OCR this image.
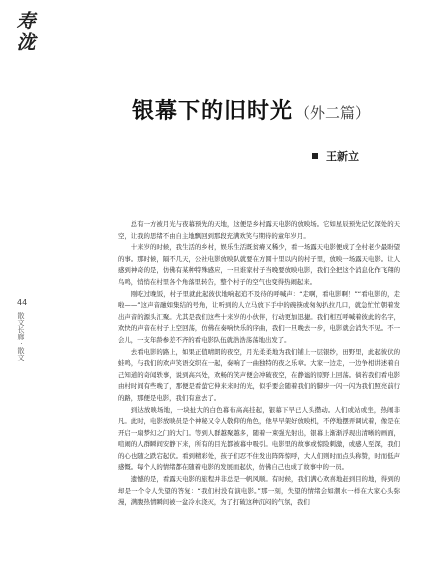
寿泷
银幕下的旧时光 （外二篇）
王新立
44
散文长廊 · 散文

总有一方被月光与夜幕预先的天地，这便是乡村露天电影的放映场。它如星辰预先记忆深处的天空，让我的思绪不由自主地飘回到那段充满欢笑与期待的童年岁月。

十来岁的时候，我生活的乡村，娱乐生活既贫瘠又稀少，看一场露天电影便成了全村老少最盼望的事。那时候，隔不几天，公社电影放映队就要在方圆十里以内的村子里，放映一场露天电影。让人感到神奇的是，仿佛有某种特殊感应，一旦谁家村子当晚要放映电影，我们全把这个消息化作飞翔的鸟鸣，悄悄在村里各个角落里转告，整个村子的空气也变得热闹起来。

刚吃过晚饭，村子里就此起彼伏地响起追不及待的呼喊声：“走啊，看电影啊！”“看电影的，走啦——”这声音融如集结的号角，让听到的人立马放下手中的碗筷或匆匆扒拉几口，就急忙忙朝着发出声音的源头汇聚。尤其是我们这些十来岁的小伙伴，行动更加迅捷。我们相互呼喊着彼此的名字，欢快的声音在村子上空回荡，仿佛在奏响快乐的序曲，我们一旦晚去一步，电影就会消失不见。不一会儿，一支年龄参差不齐的看电影队伍就浩浩荡荡地出发了。

去看电影的路上，如果正值晴朗的夜空，月光柔柔地为我们铺上一层银纱，田野里，此起彼伏的蛙鸣，与我们的欢声笑语交织在一起，奏响了一曲独特的夜之乐章。大家一边走，一边争相讲述着自己知道的奇闻轶事，说到高兴处，欢畅的笑声便会冲破夜空，在静谧的原野上回荡。倘若我们看电影由村时间有些晚了，那便是看萤它伸来来时的光，似乎要会随着我们的脚步一闪一闪为我们照亮前行的路，那便是电影，我们有意去了。

到达放映场地，一块扯大的白色幕布高高挂起，银幕下早已人头攒动。人们或站或坐，热闹非凡。此时，电影放映员是个神秘又令人敬仰的角色，他早早架好放映机，不停地摆弄调试着，像是在开启一扇梦幻之门的大门。等到人群越聚越多，随着一束强光射出，银幕上渐渐浮现出清晰的画面，喧闹的人群瞬间安静下来，所有的目光都被幕中吸引。电影里的故事或惊险刺激，或感人至深，我们的心也随之跌宕起伏。看到精彩处，孩子们忍不住发出阵阵惊呼，大人们则时而点头称赞，时而低声感慨。每个人的情绪都在随着电影的发展而起伏，仿佛自己也成了故事中的一员。

遗憾的是，看露天电影的旅程并非总是一帆风顺。有时候，我们满心欢喜地赶到目的地，得到的却是一个令人失望的答复：“我们村没有演电影。”那一刻，失望的情绪会如潮水一样在大家心头弥漫，满腹热情瞬间被一盆冷水浇灭，为了打破这种沉闷的气氛，我们
